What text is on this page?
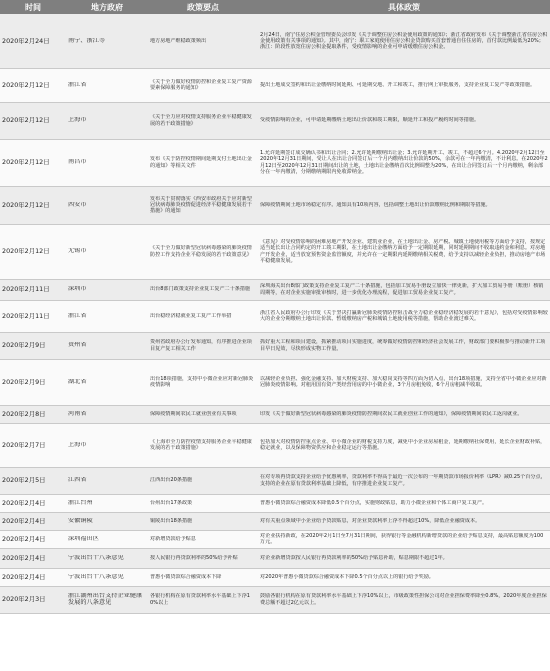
时间	地方政府	政策要点	具体政策

2020年2月24日	南宁、浙江等	地方房地产维稳政策频出	2月24日，南宁住房公积金管理委员会印发《关于调整住房公积金使用政策的通知》；浙江省政府发布《关于调整浙江省住房公积金使用政策有关事项的通知》。其中，南宁：职工家庭使用住房公积金贷款购买首套普通自住住房的，首付款比例最低为20%；浙江：阶段性放宽住房公积金提取条件，受疫情影响的企业可申请缓缴住房公积金。

2020年2月12日	浙江省	《关于全力做好疫情防控和企业复工复产资源要素保障服务的通知》	提出土地成交签约和出让金缴纳时间延期、可延期交地、开工和竣工，推行网上审批服务，支持企业复工复产等政策措施。

2020年2月12日	上海市	《关于全力应对疫情支持服务企业平稳健康发展的若干政策措施》	受疫情影响的企业，可申请延期缴纳土地出让价款和竣工期限，顺延开工和投产履约时间等措施。

2020年2月12日	南昌市	发布《关于防控疫情期间延期支付土地出让金的通知》等相关文件	1.允许延期签订成交确认书和出让合同；2.允许延期缴纳出让金；3.允许延期开工、竣工，不超过6个月。4.2020年2月12日至2020年12月31日期间，受让人在出让合同签订后一个月内缴纳出让价款的50%，余款可在一年内缴清，不计利息。在2020年2月12日至2020年12月31日期间出让的土地，土地出让金缴纳首次比例调整为20%，在出让合同签订后一个月内缴纳，剩余部分在一年内缴清，分期缴纳期限内免收滞纳金。

2020年2月12日	西安市	发布关于贯彻落实《西安市政府关于应对新型冠状病毒肺炎疫情促进经济平稳健康发展若干措施》的通知	保障疫情期间土地市场稳定有序。通知具有10项内容，包括调整土地出让价款缴纳比例和期限等措施。

2020年2月12日	无锡市	《关于全力做好新型冠状病毒感染的肺炎疫情防控工作支持企业平稳发展的若干政策意见》	《意见》对受疫情影响的困难房地产开发企业、建筑业企业，在土地出让金、房产税、城镇土地使用税等方面给予支持，按规定适当延长出让合同约定的开工竣工期限，在土地出让金缴纳方面给予一定期限延期，同时延期期间不收取违约金和利息。对房地产开发企业，适当放宽预售资金监管额度，并允许在一定期限内延期缴纳相关税费，给予支持以减轻企业负担，推动房地产市场平稳健康发展。

2020年2月11日	深圳市	出台8部门政策支持企业复工复产二十条措施	深圳海关出台8部门政策支持企业复工复产二十条措施，包括加工贸易手册设立加快一律更新，扩大加工贸易手册（账册）核销周期等，在对企业实施审批审核时，进一步优化办理流程，促进加工贸易企业复工复产。

2020年2月11日	浙江省	出台稳经济稳就业复工复产工作举措	浙江省人民政府办公厅印发《关于坚决打赢新冠肺炎疫情防控阻击战全力稳企业稳经济稳发展的若干意见》，包括对受疫情影响较大的企业分期缴纳土地出让价款、暂缓缴纳房产税和城镇土地使用税等措施，帮助企业渡过难关。

2020年2月9日	贵州省	贵州省政府办公厅发布通知，有序推进企业项目复产复工相关工作	抓好重大工程和项目建设，抓紧推动项目实施进度，统筹做好疫情防控和经济社会发展工作，财政部门要积极参与推动新开工项目早日见效，尽快形成实物工作量。

2020年2月9日	湖北省	出台18项措施，支持中小微企业应对新冠肺炎疫情影响	以减轻企业负担、强化金融支持、加大财税支持、加大稳岗支持等四方面为切入点，出台18项措施，支持全省中小微企业应对新冠肺炎疫情影响。对租用国有资产类经营用房的中小微企业，3个月房租免收，6个月房租减半收取。

2020年2月8日	河南省	保障疫情期间农民工就业创业有关事项	印发《关于做好新型冠状病毒感染的肺炎疫情防控期间农民工就业创业工作的通知》，保障疫情期间农民工返岗就业。

2020年2月7日	上海市	《上海市全力防控疫情支持服务企业平稳健康发展的若干政策措施》	包括加大对疫情防控重点企业、中小微企业的财税支持力度，减免中小企业房屋租金，延期缴纳社保费用，延长企业财政补贴，稳定就业，以及保障物资供应和企业稳定运行等措施。

2020年2月5日	江西省	江西出台20条措施	在对专项再贷款支持企业给予优惠利率，贷款利率不得高于最近一次公布的一年期贷款市场报价利率（LPR）减0.25个百分点，支持的企业在原有贷款利率基础上降低，有序推进企业复工复产。

2020年2月4日	浙江台州	台州出台17条政策	普惠小微贷款综合融资成本降低0.5个百分点，实施财政贴息，助力小微企业和个体工商户复工复产。

2020年2月4日	安徽铜陵	铜陵出台18条措施	对有关重点领域中小企业给予贷款贴息，对企业贷款利率上浮不得超过10%，降低企业融资成本。

2020年2月4日	深圳福田区	对新增贷款给予贴息	对企业扶持新政，在2020年2月1日至7月31日期间，获得银行等金融机构新增贷款的企业给予贴息支持，最高贴息额度为100万元。

2020年2月4日	宁波出台十八条意见	按人民银行再贷款利率的50%给予补贴	对企业新增贷款按人民银行再贷款利率的50%给予贴息补助，贴息期限不超过1年。

2020年2月4日	宁波出台十八条意见	普惠小微贷款综合融资成本下降	对2020年普惠小微贷款综合融资成本下降0.5个百分点以上的银行给予奖励。

2020年2月3日	浙江湖州出台支持企业健康发展的八条意见	各银行机构在原有贷款利率水平基础上下浮10%以上	鼓励各银行机构在原有贷款利率水平基础上下浮10%以上，市级政策性担保公司对企业担保费率降至0.8%，2020年度企业担保费总额不超过2亿元以上。
